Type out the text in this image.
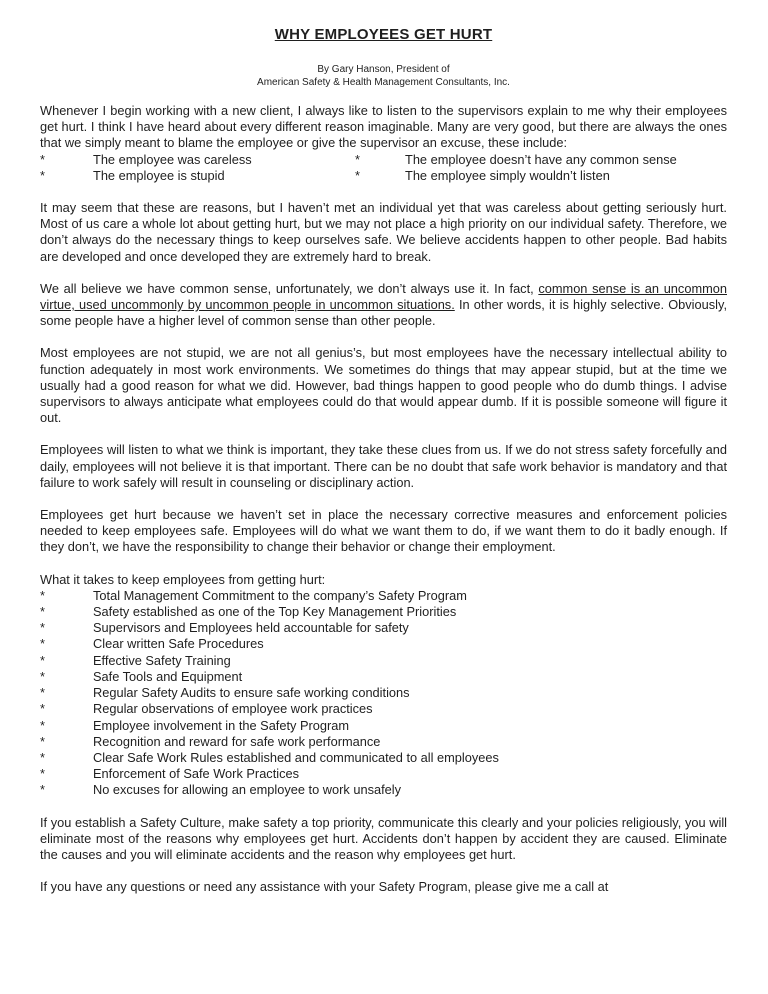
WHY EMPLOYEES GET HURT
By Gary Hanson, President of
American Safety & Health Management Consultants, Inc.

Whenever I begin working with a new client, I always like to listen to the supervisors explain to me why their employees get hurt. I think I have heard about every different reason imaginable. Many are very good, but there are always the ones that we simply meant to blame the employee or give the supervisor an excuse, these include:

*	The employee was careless	*	The employee doesn’t have any common sense
*	The employee is stupid	*	The employee simply wouldn’t listen

It may seem that these are reasons, but I haven’t met an individual yet that was careless about getting seriously hurt. Most of us care a whole lot about getting hurt, but we may not place a high priority on our individual safety. Therefore, we don’t always do the necessary things to keep ourselves safe. We believe accidents happen to other people. Bad habits are developed and once developed they are extremely hard to break.

We all believe we have common sense, unfortunately, we don’t always use it. In fact, common sense is an uncommon virtue, used uncommonly by uncommon people in uncommon situations. In other words, it is highly selective. Obviously, some people have a higher level of common sense than other people.

Most employees are not stupid, we are not all genius’s, but most employees have the necessary intellectual ability to function adequately in most work environments. We sometimes do things that may appear stupid, but at the time we usually had a good reason for what we did. However, bad things happen to good people who do dumb things. I advise supervisors to always anticipate what employees could do that would appear dumb. If it is possible someone will figure it out.

Employees will listen to what we think is important, they take these clues from us. If we do not stress safety forcefully and daily, employees will not believe it is that important. There can be no doubt that safe work behavior is mandatory and that failure to work safely will result in counseling or disciplinary action.

Employees get hurt because we haven’t set in place the necessary corrective measures and enforcement policies needed to keep employees safe. Employees will do what we want them to do, if we want them to do it badly enough. If they don’t, we have the responsibility to change their behavior or change their employment.

What it takes to keep employees from getting hurt:
*	Total Management Commitment to the company’s Safety Program
*	Safety established as one of the Top Key Management Priorities
*	Supervisors and Employees held accountable for safety
*	Clear written Safe Procedures
*	Effective Safety Training
*	Safe Tools and Equipment
*	Regular Safety Audits to ensure safe working conditions
*	Regular observations of employee work practices
*	Employee involvement in the Safety Program
*	Recognition and reward for safe work performance
*	Clear Safe Work Rules established and communicated to all employees
*	Enforcement of Safe Work Practices
*	No excuses for allowing an employee to work unsafely

If you establish a Safety Culture, make safety a top priority, communicate this clearly and your policies religiously, you will eliminate most of the reasons why employees get hurt. Accidents don’t happen by accident they are caused. Eliminate the causes and you will eliminate accidents and the reason why employees get hurt.

If you have any questions or need any assistance with your Safety Program, please give me a call at
